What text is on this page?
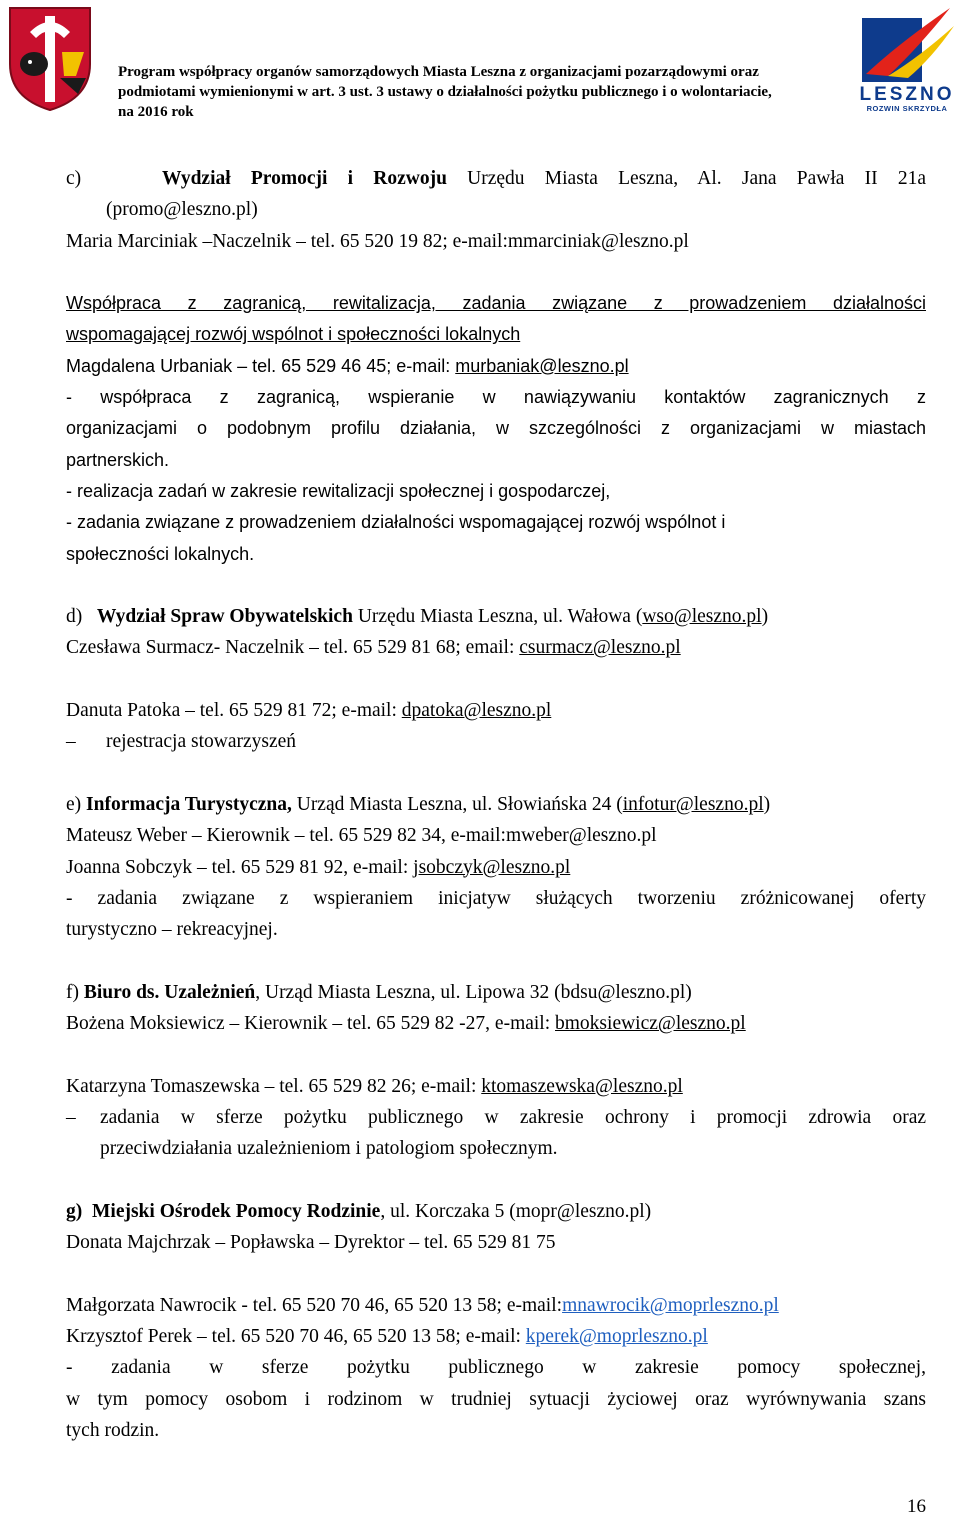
Program współpracy organów samorządowych Miasta Leszna z organizacjami pozarządowymi oraz
podmiotami wymienionymi w art. 3 ust. 3 ustawy o działalności pożytku publicznego i o wolontariacie,
na 2016 rok
LESZNO
ROZWIN SKRZYDŁA
c)	Wydział Promocji i Rozwoju Urzędu Miasta Leszna, Al. Jana Pawła II 21a
(promo@leszno.pl)
Maria Marciniak –Naczelnik – tel. 65 520 19 82; e-mail:mmarciniak@leszno.pl
Współpraca z zagranicą, rewitalizacja, zadania związane z prowadzeniem działalności
wspomagającej rozwój wspólnot i społeczności lokalnych
Magdalena Urbaniak – tel. 65 529 46 45; e-mail: murbaniak@leszno.pl
- współpraca z zagranicą, wspieranie w nawiązywaniu kontaktów zagranicznych z
organizacjami o podobnym profilu działania, w szczególności z organizacjami w miastach
partnerskich.
- realizacja zadań w zakresie rewitalizacji społecznej i gospodarczej,
- zadania związane z prowadzeniem działalności wspomagającej rozwój wspólnot i
społeczności lokalnych.
d) Wydział Spraw Obywatelskich Urzędu Miasta Leszna, ul. Wałowa (wso@leszno.pl)
Czesława Surmacz- Naczelnik – tel. 65 529 81 68; email: csurmacz@leszno.pl
Danuta Patoka – tel. 65 529 81 72; e-mail: dpatoka@leszno.pl
– rejestracja stowarzyszeń
e) Informacja Turystyczna, Urząd Miasta Leszna, ul. Słowiańska 24 (infotur@leszno.pl)
Mateusz Weber – Kierownik – tel. 65 529 82 34, e-mail:mweber@leszno.pl
Joanna Sobczyk – tel. 65 529 81 92, e-mail: jsobczyk@leszno.pl
- zadania związane z wspieraniem inicjatyw służących tworzeniu zróżnicowanej oferty
turystyczno – rekreacyjnej.
f) Biuro ds. Uzależnień, Urząd Miasta Leszna, ul. Lipowa 32 (bdsu@leszno.pl)
Bożena Moksiewicz – Kierownik – tel. 65 529 82 -27, e-mail: bmoksiewicz@leszno.pl
Katarzyna Tomaszewska – tel. 65 529 82 26; e-mail: ktomaszewska@leszno.pl
– zadania w sferze pożytku publicznego w zakresie ochrony i promocji zdrowia oraz
przeciwdziałania uzależnieniom i patologiom społecznym.
g) Miejski Ośrodek Pomocy Rodzinie, ul. Korczaka 5 (mopr@leszno.pl)
Donata Majchrzak – Popławska – Dyrektor – tel. 65 529 81 75
Małgorzata Nawrocik - tel. 65 520 70 46, 65 520 13 58; e-mail:mnawrocik@moprleszno.pl
Krzysztof Perek – tel. 65 520 70 46, 65 520 13 58; e-mail: kperek@moprleszno.pl
- zadania w sferze pożytku publicznego w zakresie pomocy społecznej,
w tym pomocy osobom i rodzinom w trudniej sytuacji życiowej oraz wyrównywania szans
tych rodzin.
16
